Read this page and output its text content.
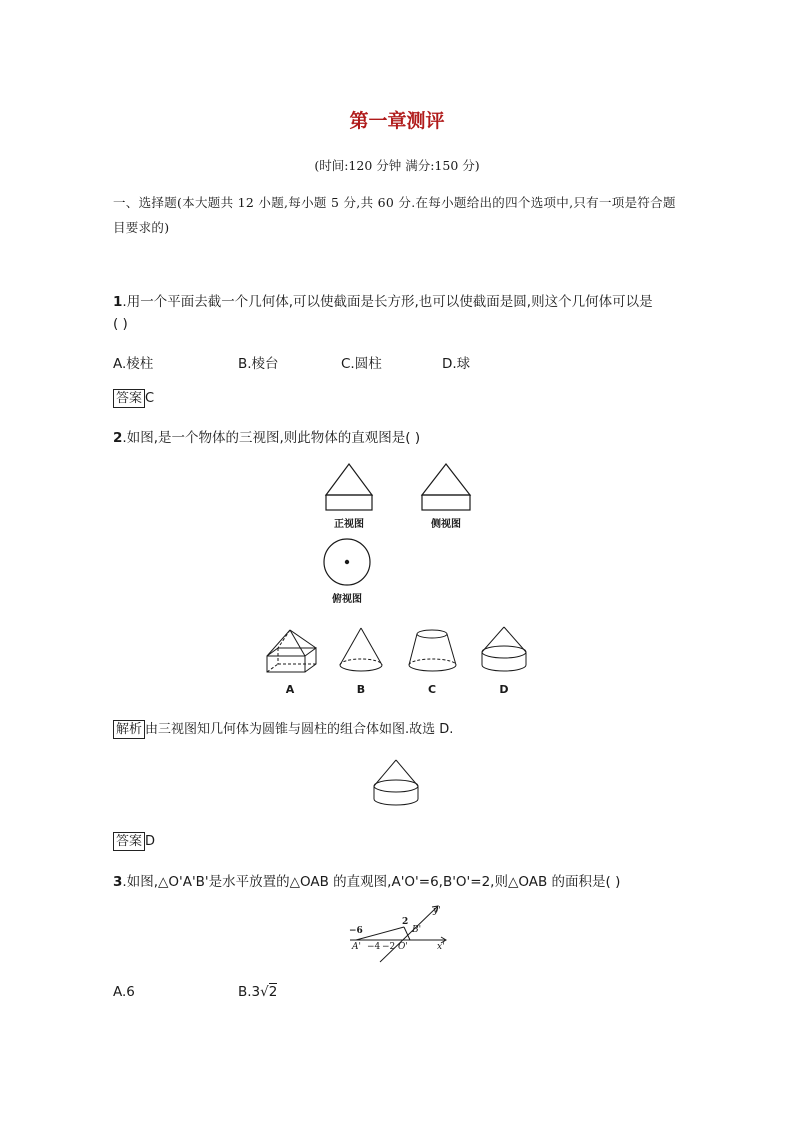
第一章测评
(时间:120 分钟 满分:150 分)
一、选择题(本大题共 12 小题,每小题 5 分,共 60 分.在每小题给出的四个选项中,只有一项是符合题目要求的)
1.用一个平面去截一个几何体,可以使截面是长方形,也可以使截面是圆,则这个几何体可以是
( )
A.棱柱	B.棱台	C.圆柱	D.球
答案 C
2.如图,是一个物体的三视图,则此物体的直观图是( )
正视图	侧视图
俯视图
A	B	C	D
解析 由三视图知几何体为圆锥与圆柱的组合体如图.故选 D.
答案 D
3.如图,△O'A'B'是水平放置的△OAB 的直观图,A'O'=6,B'O'=2,则△OAB 的面积是( )
−6
2
y'
B'
A' −4 −2 O'	x'
A.6	B.3√2
